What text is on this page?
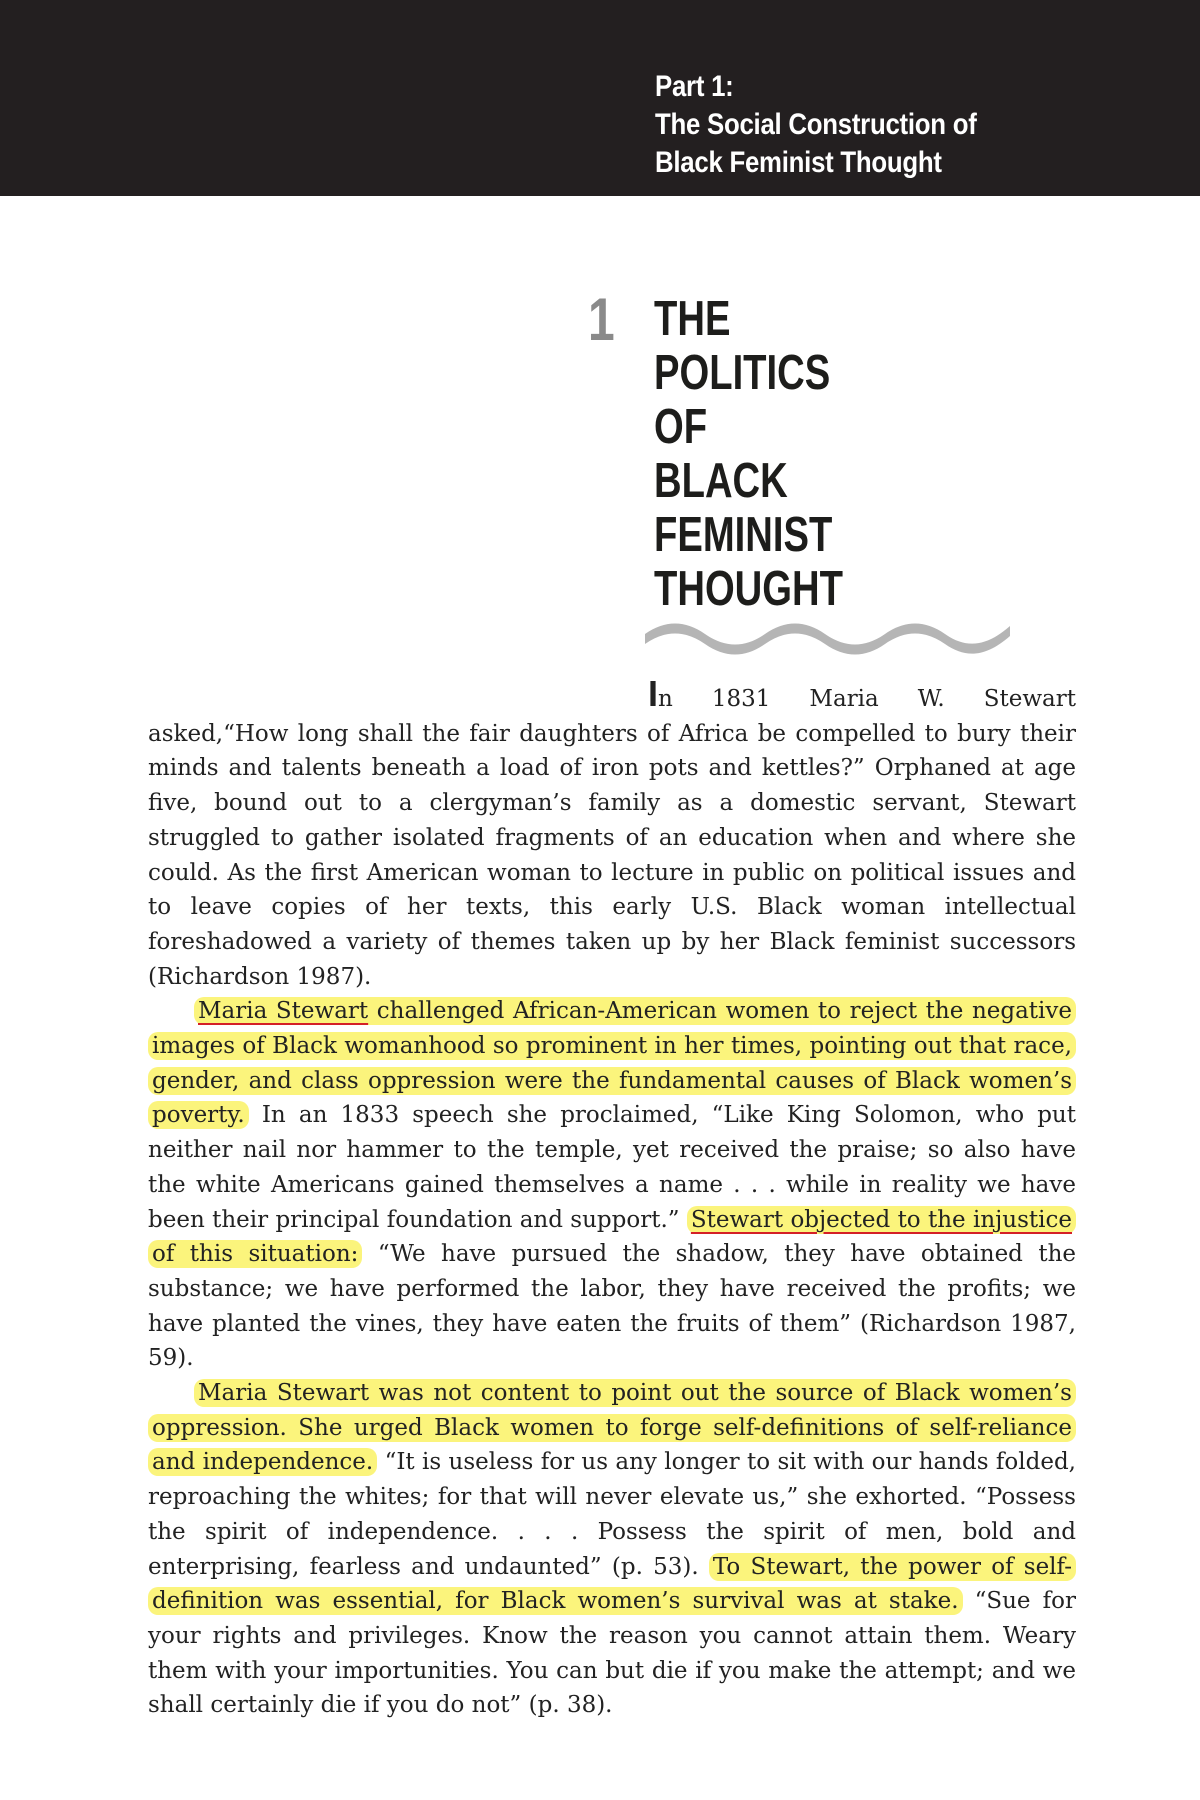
Part 1:
The Social Construction of
Black Feminist Thought
1 THE
POLITICS
OF
BLACK
FEMINIST
THOUGHT

In 1831 Maria W. Stewart asked,“How long shall the fair daughters of Africa be compelled to bury their minds and talents beneath a load of iron pots and kettles?” Orphaned at age five, bound out to a clergyman’s family as a domestic servant, Stewart struggled to gather isolated fragments of an education when and where she could. As the first American woman to lecture in public on political issues and to leave copies of her texts, this early U.S. Black woman intellectual foreshadowed a variety of themes taken up by her Black feminist successors (Richardson 1987).

Maria Stewart challenged African-American women to reject the negative images of Black womanhood so prominent in her times, pointing out that race, gender, and class oppression were the fundamental causes of Black women’s poverty. In an 1833 speech she proclaimed, “Like King Solomon, who put neither nail nor hammer to the temple, yet received the praise; so also have the white Americans gained themselves a name . . . while in reality we have been their principal foundation and support.” Stewart objected to the injustice of this situation: “We have pursued the shadow, they have obtained the substance; we have performed the labor, they have received the profits; we have planted the vines, they have eaten the fruits of them” (Richardson 1987, 59).

Maria Stewart was not content to point out the source of Black women’s oppression. She urged Black women to forge self-definitions of self-reliance and independence. “It is useless for us any longer to sit with our hands folded, reproaching the whites; for that will never elevate us,” she exhorted. “Possess the spirit of independence. . . . Possess the spirit of men, bold and enterprising, fearless and undaunted” (p. 53). To Stewart, the power of self-definition was essential, for Black women’s survival was at stake. “Sue for your rights and privileges. Know the reason you cannot attain them. Weary them with your importunities. You can but die if you make the attempt; and we shall certainly die if you do not” (p. 38).
